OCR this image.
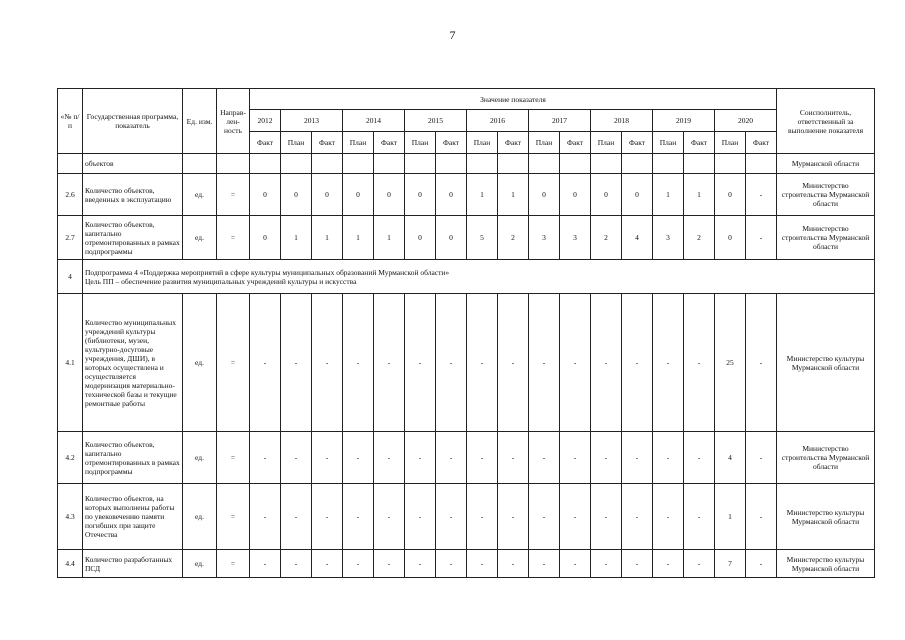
7
«№ п/п	Государственная программа, показатель	Ед. изм.	Направ-лен-ность	Значение показателя																	Соисполнитель, ответственный за выполнение показателя
				2012	2013		2014		2015		2016		2017		2018		2019		2020		
				Факт	План	Факт	План	Факт	План	Факт	План	Факт	План	Факт	План	Факт	План	Факт	План	Факт	
	объектов																				Мурманской области
2.6	Количество объектов, введенных в эксплуатацию	ед.	=	0	0	0	0	0	0	0	1	1	0	0	0	0	1	1	0	-	Министерство строительства Мурманской области
2.7	Количество объектов, капитально отремонтированных в рамках подпрограммы	ед.	=	0	1	1	1	1	0	0	5	2	3	3	2	4	3	2	0	-	Министерство строительства Мурманской области
4	Подпрограмма 4 «Поддержка мероприятий в сфере культуры муниципальных образований Мурманской области»
Цель ПП – обеспечение развития муниципальных учреждений культуры и искусства																				

4.1	Количество муниципальных учреждений культуры (библиотеки, музеи, культурно-досуговые учреждения, ДШИ), в которых осуществлена и осуществляется модернизация материально-технической базы и текущие ремонтные работы	ед.	=	-	-	-	-	-	-	-	-	-	-	-	-	-	-	-	25	-	Министерство культуры Мурманской области
4.2	Количество объектов, капитально отремонтированных в рамках подпрограммы	ед.	=	-	-	-	-	-	-	-	-	-	-	-	-	-	-	-	4	-	Министерство строительства Мурманской области
4.3	Количество объектов, на которых выполнены работы по увековечению памяти погибших при защите Отечества	ед.	=	-	-	-	-	-	-	-	-	-	-	-	-	-	-	-	1	-	Министерство культуры Мурманской области
4.4	Количество разработанных ПСД	ед.	=	-	-	-	-	-	-	-	-	-	-	-	-	-	-	-	7	-	Министерство культуры Мурманской области
